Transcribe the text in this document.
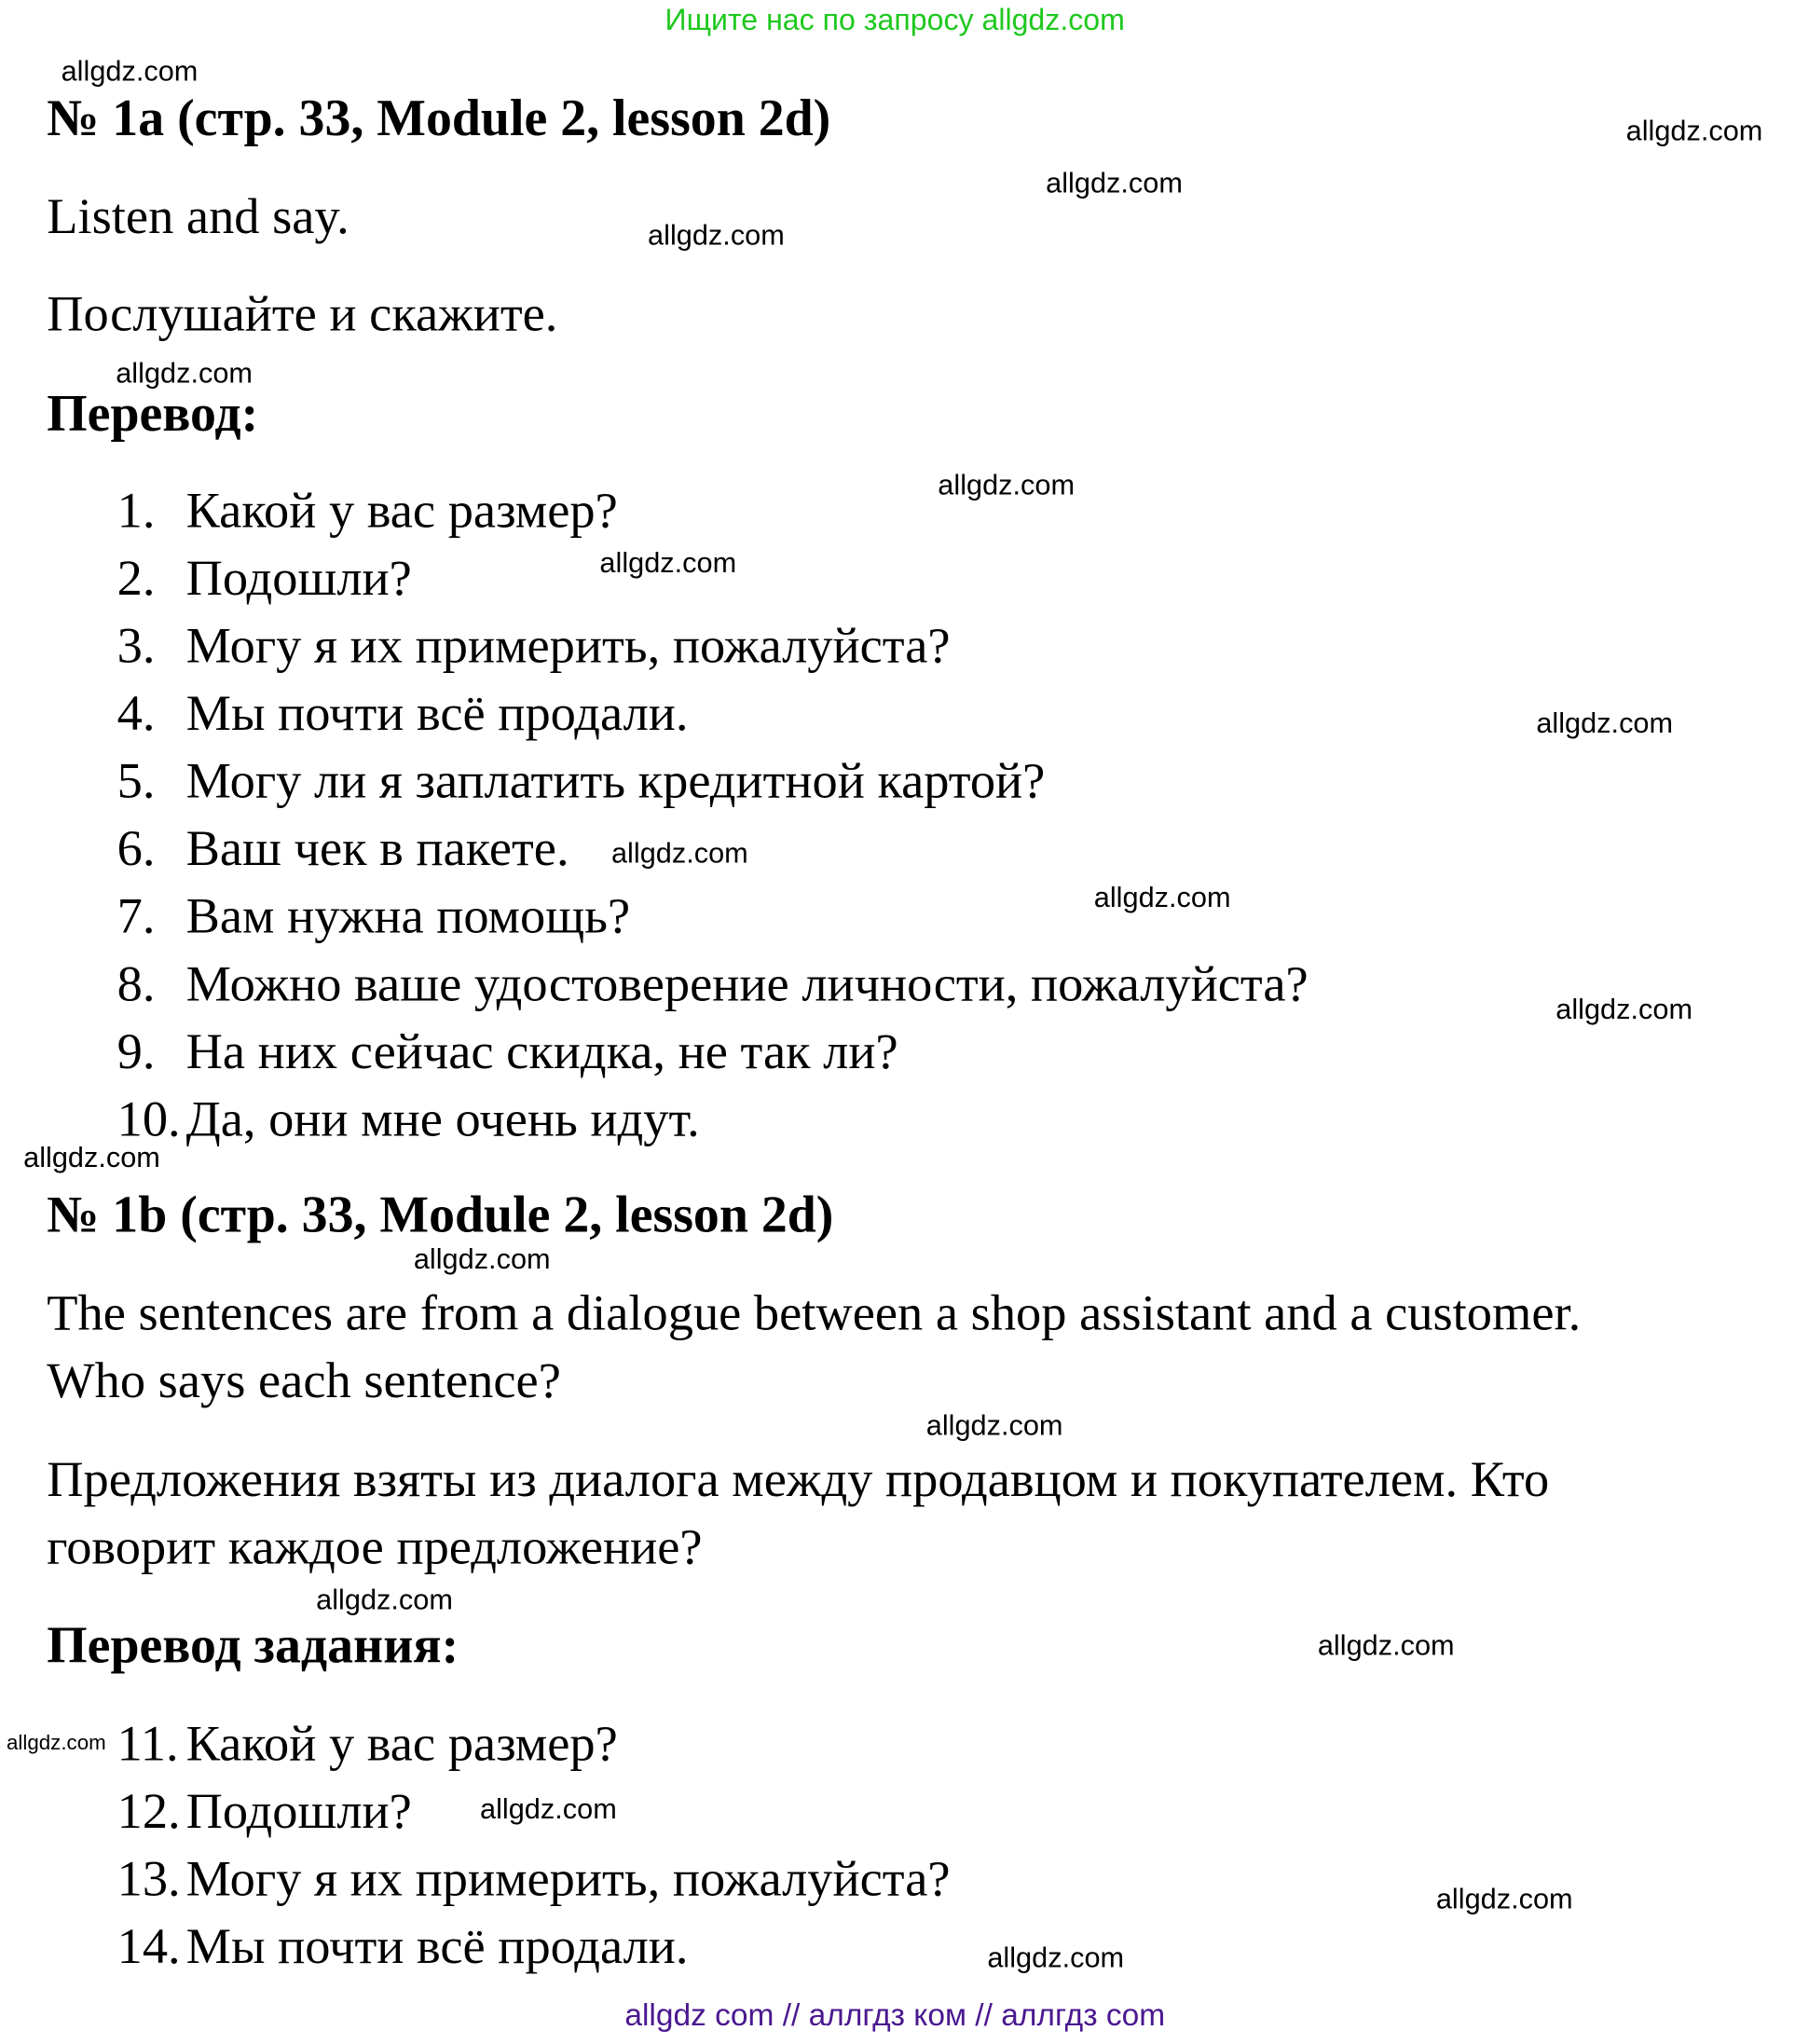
Ищите нас по запросу allgdz.com
№ 1a (стр. 33, Module 2, lesson 2d)
Listen and say.
Послушайте и скажите.
Перевод:
1. Какой у вас размер?
2. Подошли?
3. Могу я их примерить, пожалуйста?
4. Мы почти всё продали.
5. Могу ли я заплатить кредитной картой?
6. Ваш чек в пакете.
7. Вам нужна помощь?
8. Можно ваше удостоверение личности, пожалуйста?
9. На них сейчас скидка, не так ли?
10. Да, они мне очень идут.
№ 1b (стр. 33, Module 2, lesson 2d)
The sentences are from a dialogue between a shop assistant and a customer.
Who says each sentence?
Предложения взяты из диалога между продавцом и покупателем. Кто
говорит каждое предложение?
Перевод задания:
11. Какой у вас размер?
12. Подошли?
13. Могу я их примерить, пожалуйста?
14. Мы почти всё продали.
allgdz.com
allgdz.com
allgdz.com
allgdz.com
allgdz.com
allgdz.com
allgdz.com
allgdz.com
allgdz.com
allgdz.com
allgdz.com
allgdz.com
allgdz.com
allgdz.com
allgdz.com
allgdz.com
allgdz.com
allgdz.com
allgdz.com
allgdz.com
allgdz com // аллгдз ком // аллгдз com
